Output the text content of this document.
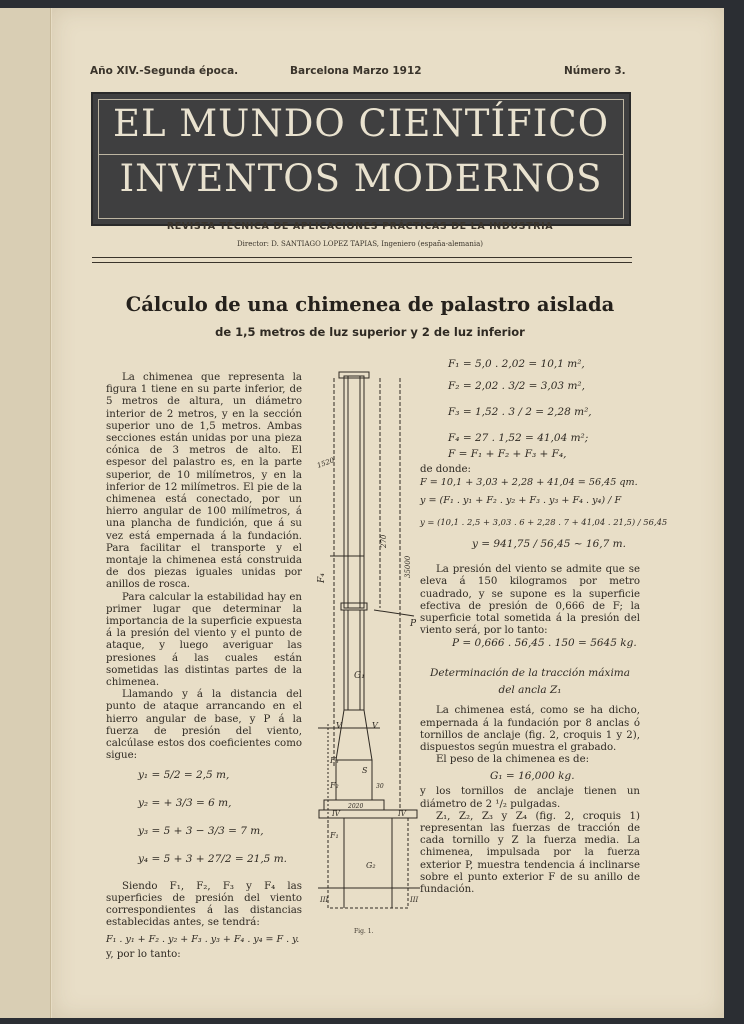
Año XIV.-Segunda época.	Barcelona Marzo 1912	Número 3.
EL MUNDO CIENTÍFICO
INVENTOS MODERNOS
REVISTA TÉCNICA DE APLICACIONES PRÁCTICAS DE LA INDUSTRIA
Director: D. SANTIAGO LOPEZ TAPIAS, Ingeniero (españa-alemania)
Cálculo de una chimenea de palastro aislada
de 1,5 metros de luz superior y 2 de luz inferior

La chimenea que representa la figura 1 tiene en su parte inferior, de 5 metros de altura, un diámetro interior de 2 metros, y en la sección superior uno de 1,5 metros. Ambas secciones están unidas por una pieza cónica de 3 metros de alto. El espesor del palastro es, en la parte superior, de 10 milímetros, y en la inferior de 12 milímetros. El pie de la chimenea está conectado, por un hierro angular de 100 milímetros, á una plancha de fundición, que á su vez está empernada á la fundación. Para facilitar el transporte y el montaje la chimenea está construida de dos piezas iguales unidas por anillos de rosca.

Para calcular la estabilidad hay en primer lugar que determinar la importancia de la superficie expuesta á la presión del viento y el punto de ataque, y luego averiguar las presiones á las cuales están sometidas las distintas partes de la chimenea.

Llamando y á la distancia del punto de ataque arrancando en el hierro angular de base, y P á la fuerza de presión del viento, calcúlase estos dos coeficientes como sigue:

y₁ = 5/2 = 2,5 m,
y₂ = + 3/3 = 6 m,
y₃ = 5 + 3 − 3/3 = 7 m,
y₄ = 5 + 3 + 27/2 = 21,5 m.

Siendo F₁, F₂, F₃ y F₄ las superficies de presión del viento correspondientes á las distancias establecidas antes, se tendrá:

F₁ . y₁ + F₂ . y₂ + F₃ . y₃ + F₄ . y₄ = F . y.

y, por lo tanto:

1520
35000
270
F₄
P
G₁
V	V
F₃
S
F₂
F₁
IV	IV
III	III
G₂
30
2020
Fig. 1.
F₁ = 5,0 . 2,02 = 10,1 m²,
F₂ = 2,02 . 3/2 = 3,03 m²,
F₃ = 1,52 . 3 / 2 = 2,28 m²,
F₄ = 27 . 1,52 = 41,04 m²;
F = F₁ + F₂ + F₃ + F₄,

de donde:

F = 10,1 + 3,03 + 2,28 + 41,04 = 56,45 qm.
y = (F₁ . y₁ + F₂ . y₂ + F₃ . y₃ + F₄ . y₄) / F
y = (10,1 . 2,5 + 3,03 . 6 + 2,28 . 7 + 41,04 . 21,5) / 56,45
y = 941,75 / 56,45 ~ 16,7 m.

La presión del viento se admite que se eleva á 150 kilogramos por metro cuadrado, y se supone es la superficie efectiva de presión de 0,666 de F; la superficie total sometida á la presión del viento será, por lo tanto:

P = 0,666 . 56,45 . 150 = 5645 kg.
Determinación de la tracción máxima
del ancla Z₁

La chimenea está, como se ha dicho, empernada á la fundación por 8 anclas ó tornillos de anclaje (fig. 2, croquis 1 y 2), dispuestos según muestra el grabado.

El peso de la chimenea es de:

G₁ = 16,000 kg.

y los tornillos de anclaje tienen un diámetro de 2 ¹/₂ pulgadas.

Z₁, Z₂, Z₃ y Z₄ (fig. 2, croquis 1) representan las fuerzas de tracción de cada tornillo y Z la fuerza media. La chimenea, impulsada por la fuerza exterior P, muestra tendencia á inclinarse sobre el punto exterior F de su anillo de fundación.
